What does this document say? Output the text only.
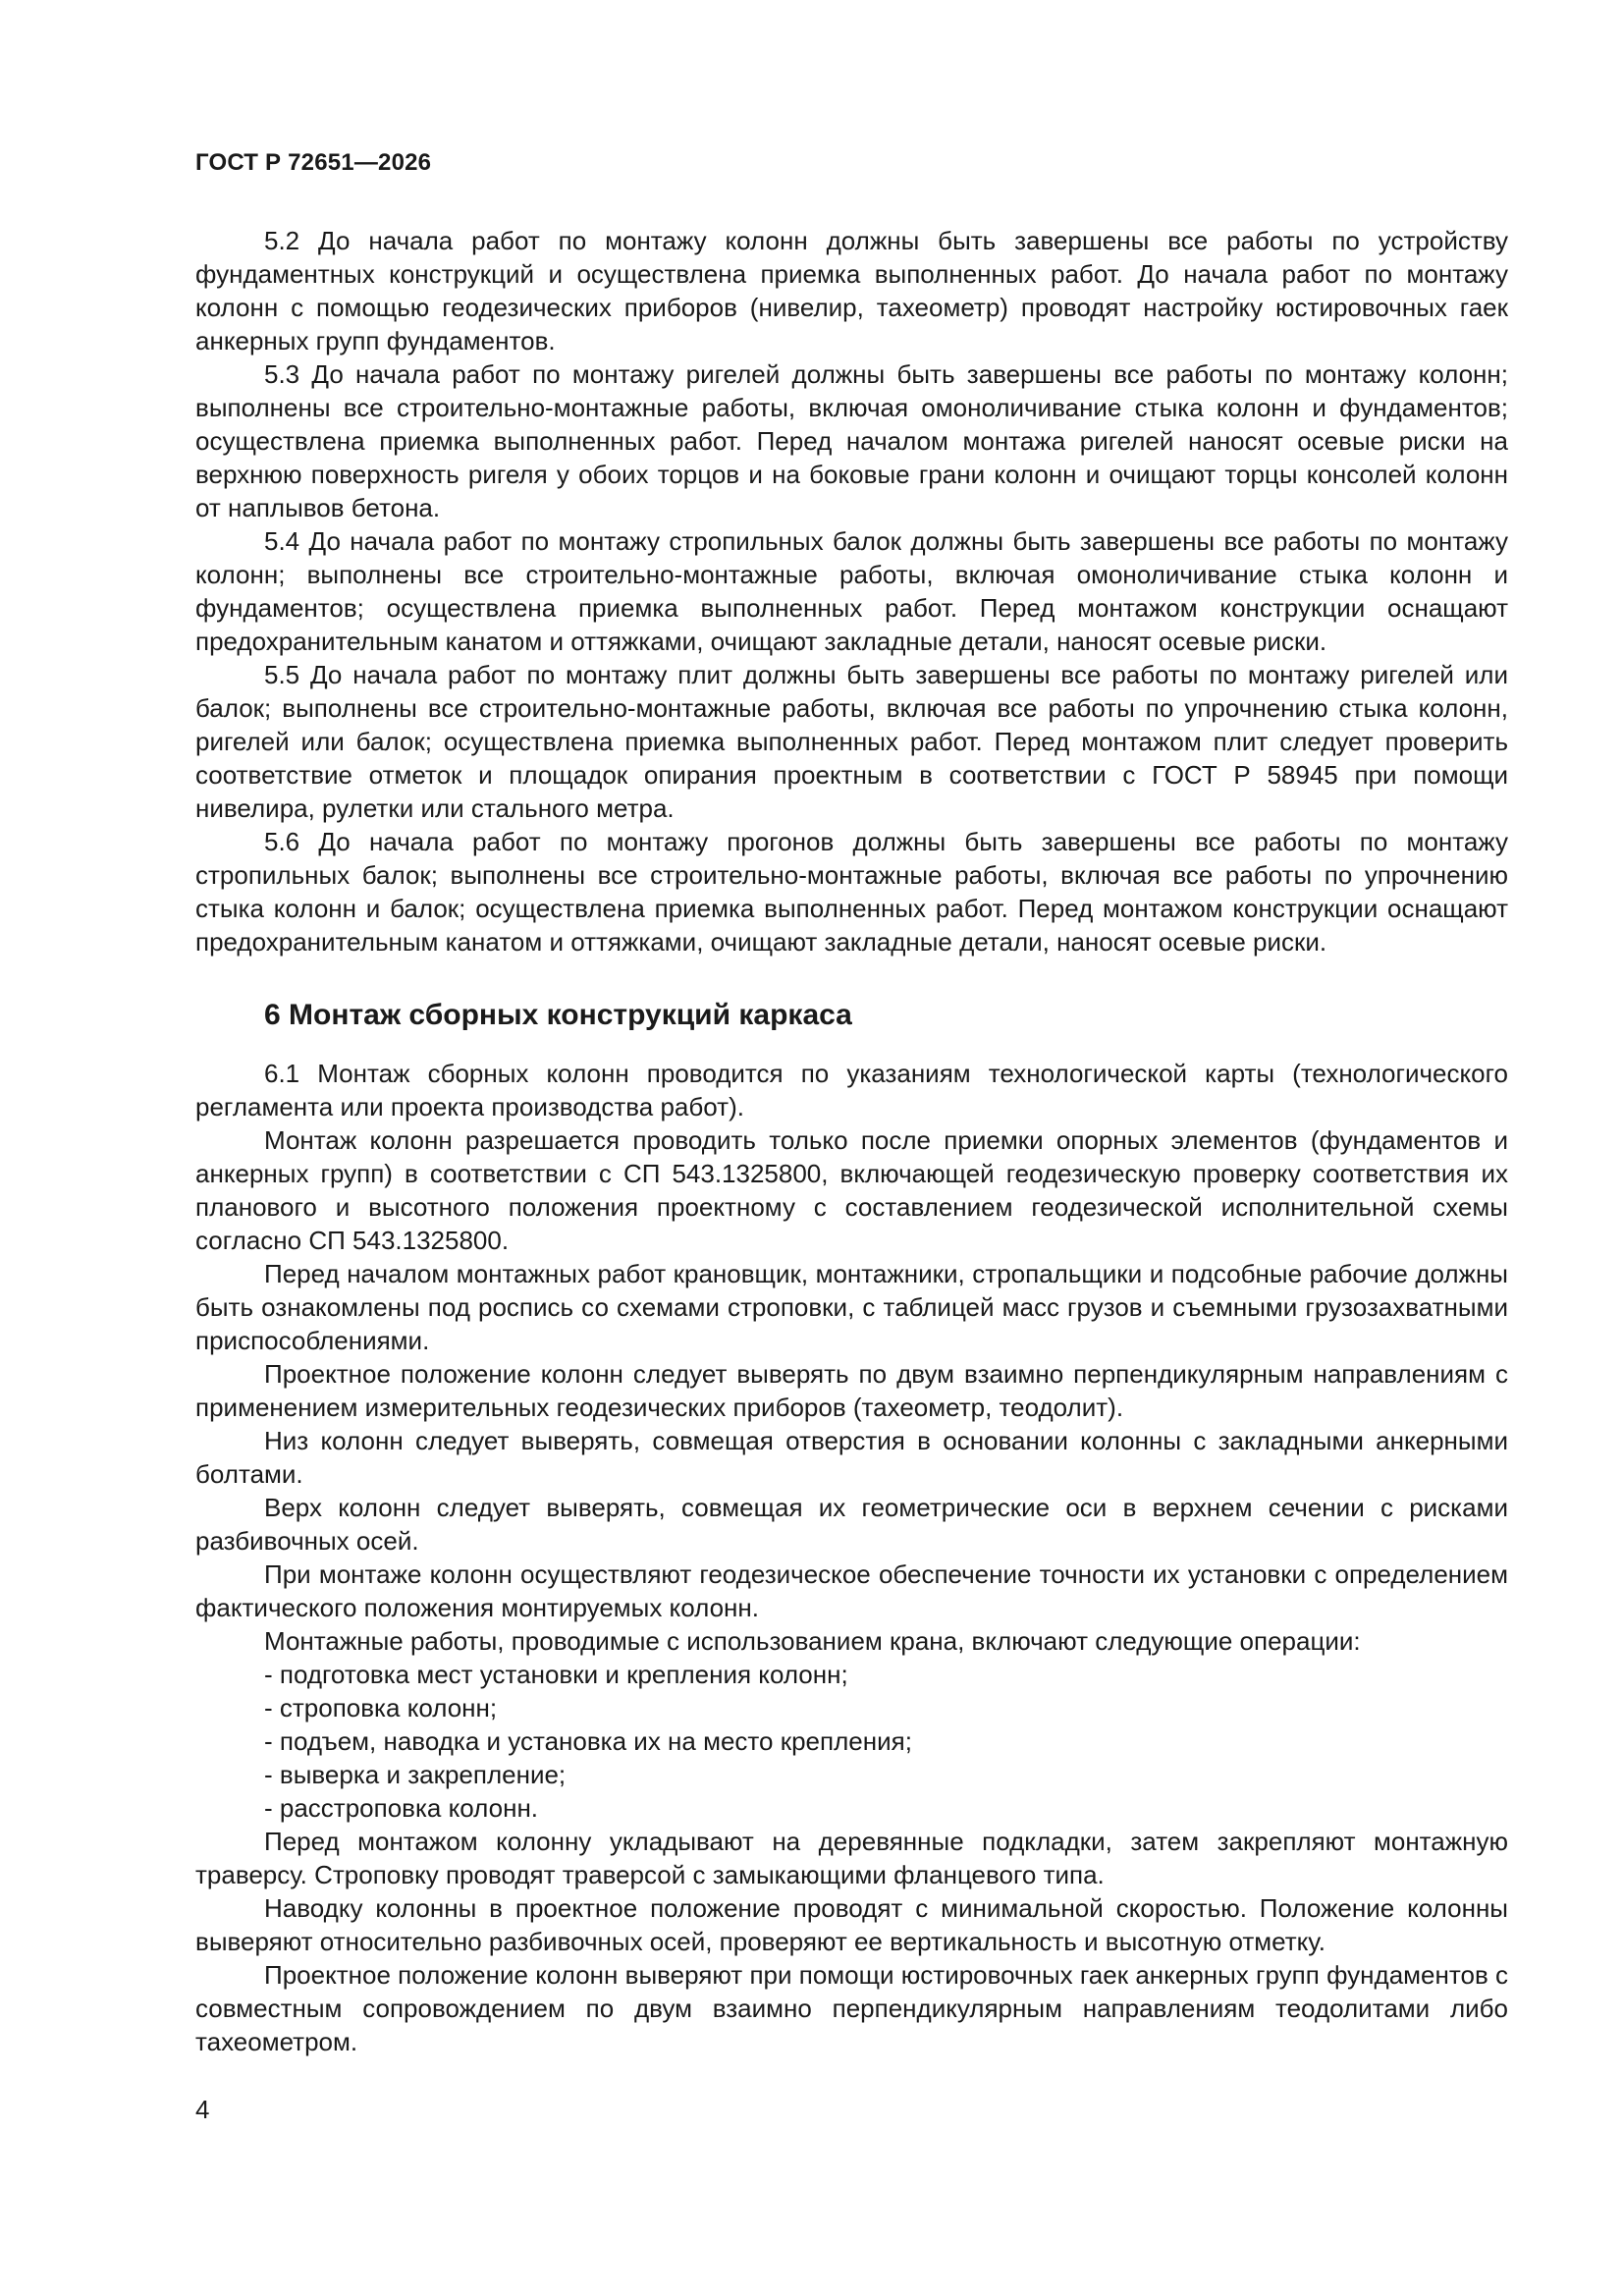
ГОСТ Р 72651—2026

5.2 До начала работ по монтажу колонн должны быть завершены все работы по устройству фундаментных конструкций и осуществлена приемка выполненных работ. До начала работ по монтажу колонн с помощью геодезических приборов (нивелир, тахеометр) проводят настройку юстировочных гаек анкерных групп фундаментов.

5.3 До начала работ по монтажу ригелей должны быть завершены все работы по монтажу колонн; выполнены все строительно-монтажные работы, включая омоноличивание стыка колонн и фундаментов; осуществлена приемка выполненных работ. Перед началом монтажа ригелей наносят осевые риски на верхнюю поверхность ригеля у обоих торцов и на боковые грани колонн и очищают торцы консолей колонн от наплывов бетона.

5.4 До начала работ по монтажу стропильных балок должны быть завершены все работы по монтажу колонн; выполнены все строительно-монтажные работы, включая омоноличивание стыка колонн и фундаментов; осуществлена приемка выполненных работ. Перед монтажом конструкции оснащают предохранительным канатом и оттяжками, очищают закладные детали, наносят осевые риски.

5.5 До начала работ по монтажу плит должны быть завершены все работы по монтажу ригелей или балок; выполнены все строительно-монтажные работы, включая все работы по упрочнению стыка колонн, ригелей или балок; осуществлена приемка выполненных работ. Перед монтажом плит следует проверить соответствие отметок и площадок опирания проектным в соответствии с ГОСТ Р 58945 при помощи нивелира, рулетки или стального метра.

5.6 До начала работ по монтажу прогонов должны быть завершены все работы по монтажу стропильных балок; выполнены все строительно-монтажные работы, включая все работы по упрочнению стыка колонн и балок; осуществлена приемка выполненных работ. Перед монтажом конструкции оснащают предохранительным канатом и оттяжками, очищают закладные детали, наносят осевые риски.

6 Монтаж сборных конструкций каркаса

6.1 Монтаж сборных колонн проводится по указаниям технологической карты (технологического регламента или проекта производства работ).

Монтаж колонн разрешается проводить только после приемки опорных элементов (фундаментов и анкерных групп) в соответствии с СП 543.1325800, включающей геодезическую проверку соответствия их планового и высотного положения проектному с составлением геодезической исполнительной схемы согласно СП 543.1325800.

Перед началом монтажных работ крановщик, монтажники, стропальщики и подсобные рабочие должны быть ознакомлены под роспись со схемами строповки, с таблицей масс грузов и съемными грузозахватными приспособлениями.

Проектное положение колонн следует выверять по двум взаимно перпендикулярным направлениям с применением измерительных геодезических приборов (тахеометр, теодолит).

Низ колонн следует выверять, совмещая отверстия в основании колонны с закладными анкерными болтами.

Верх колонн следует выверять, совмещая их геометрические оси в верхнем сечении с рисками разбивочных осей.

При монтаже колонн осуществляют геодезическое обеспечение точности их установки с определением фактического положения монтируемых колонн.

Монтажные работы, проводимые с использованием крана, включают следующие операции:

- подготовка мест установки и крепления колонн;

- строповка колонн;

- подъем, наводка и установка их на место крепления;

- выверка и закрепление;

- расстроповка колонн.

Перед монтажом колонну укладывают на деревянные подкладки, затем закрепляют монтажную траверсу. Строповку проводят траверсой с замыкающими фланцевого типа.

Наводку колонны в проектное положение проводят с минимальной скоростью. Положение колонны выверяют относительно разбивочных осей, проверяют ее вертикальность и высотную отметку.

Проектное положение колонн выверяют при помощи юстировочных гаек анкерных групп фундаментов с совместным сопровождением по двум взаимно перпендикулярным направлениям теодолитами либо тахеометром.

4
